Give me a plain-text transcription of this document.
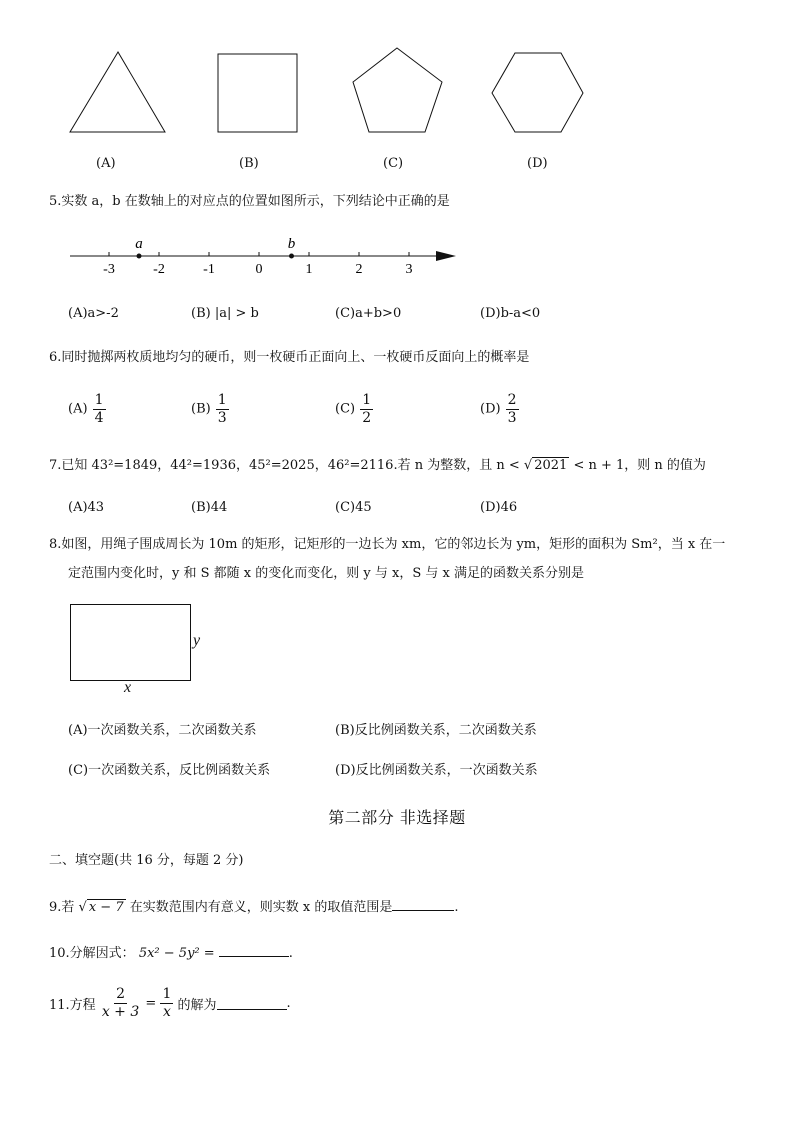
(A)	(B)	(C)	(D)
5.实数 a，b 在数轴上的对应点的位置如图所示，下列结论中正确的是
-3	-2	-1	0	1	2	3
a	b
(A)a>-2	(B) |a| > b	(C)a+b>0	(D)b-a<0
6.同时抛掷两枚质地均匀的硬币，则一枚硬币正面向上、一枚硬币反面向上的概率是
$(A) \frac{1}{4}$	$(B) \frac{1}{3}$	$(C) \frac{1}{2}$	$(D) \frac{2}{3}$
7.已知 43²=1849，44²=1936，45²=2025，46²=2116.若 n 为整数，且 n < √ 2021 < n + 1，则 n 的值为
(A)43	(B)44	(C)45	(D)46
8.如图，用绳子围成周长为 10m 的矩形，记矩形的一边长为 xm，它的邻边长为 ym，矩形的面积为 Sm²，当 x 在一
定范围内变化时，y 和 S 都随 x 的变化而变化，则 y 与 x，S 与 x 满足的函数关系分别是
y
x
(A)一次函数关系，二次函数关系	(B)反比例函数关系，二次函数关系
(C)一次函数关系，反比例函数关系	(D)反比例函数关系，一次函数关系
第二部分 非选择题
二、填空题(共 16 分，每题 2 分)
9.若 √ x − 7 在实数范围内有意义，则实数 x 的取值范围是	.
10.分解因式： 5x² − 5y² =	.
11.方程 $\frac{2}{x + 3} = \frac{1}{x}$ 的解为	.
